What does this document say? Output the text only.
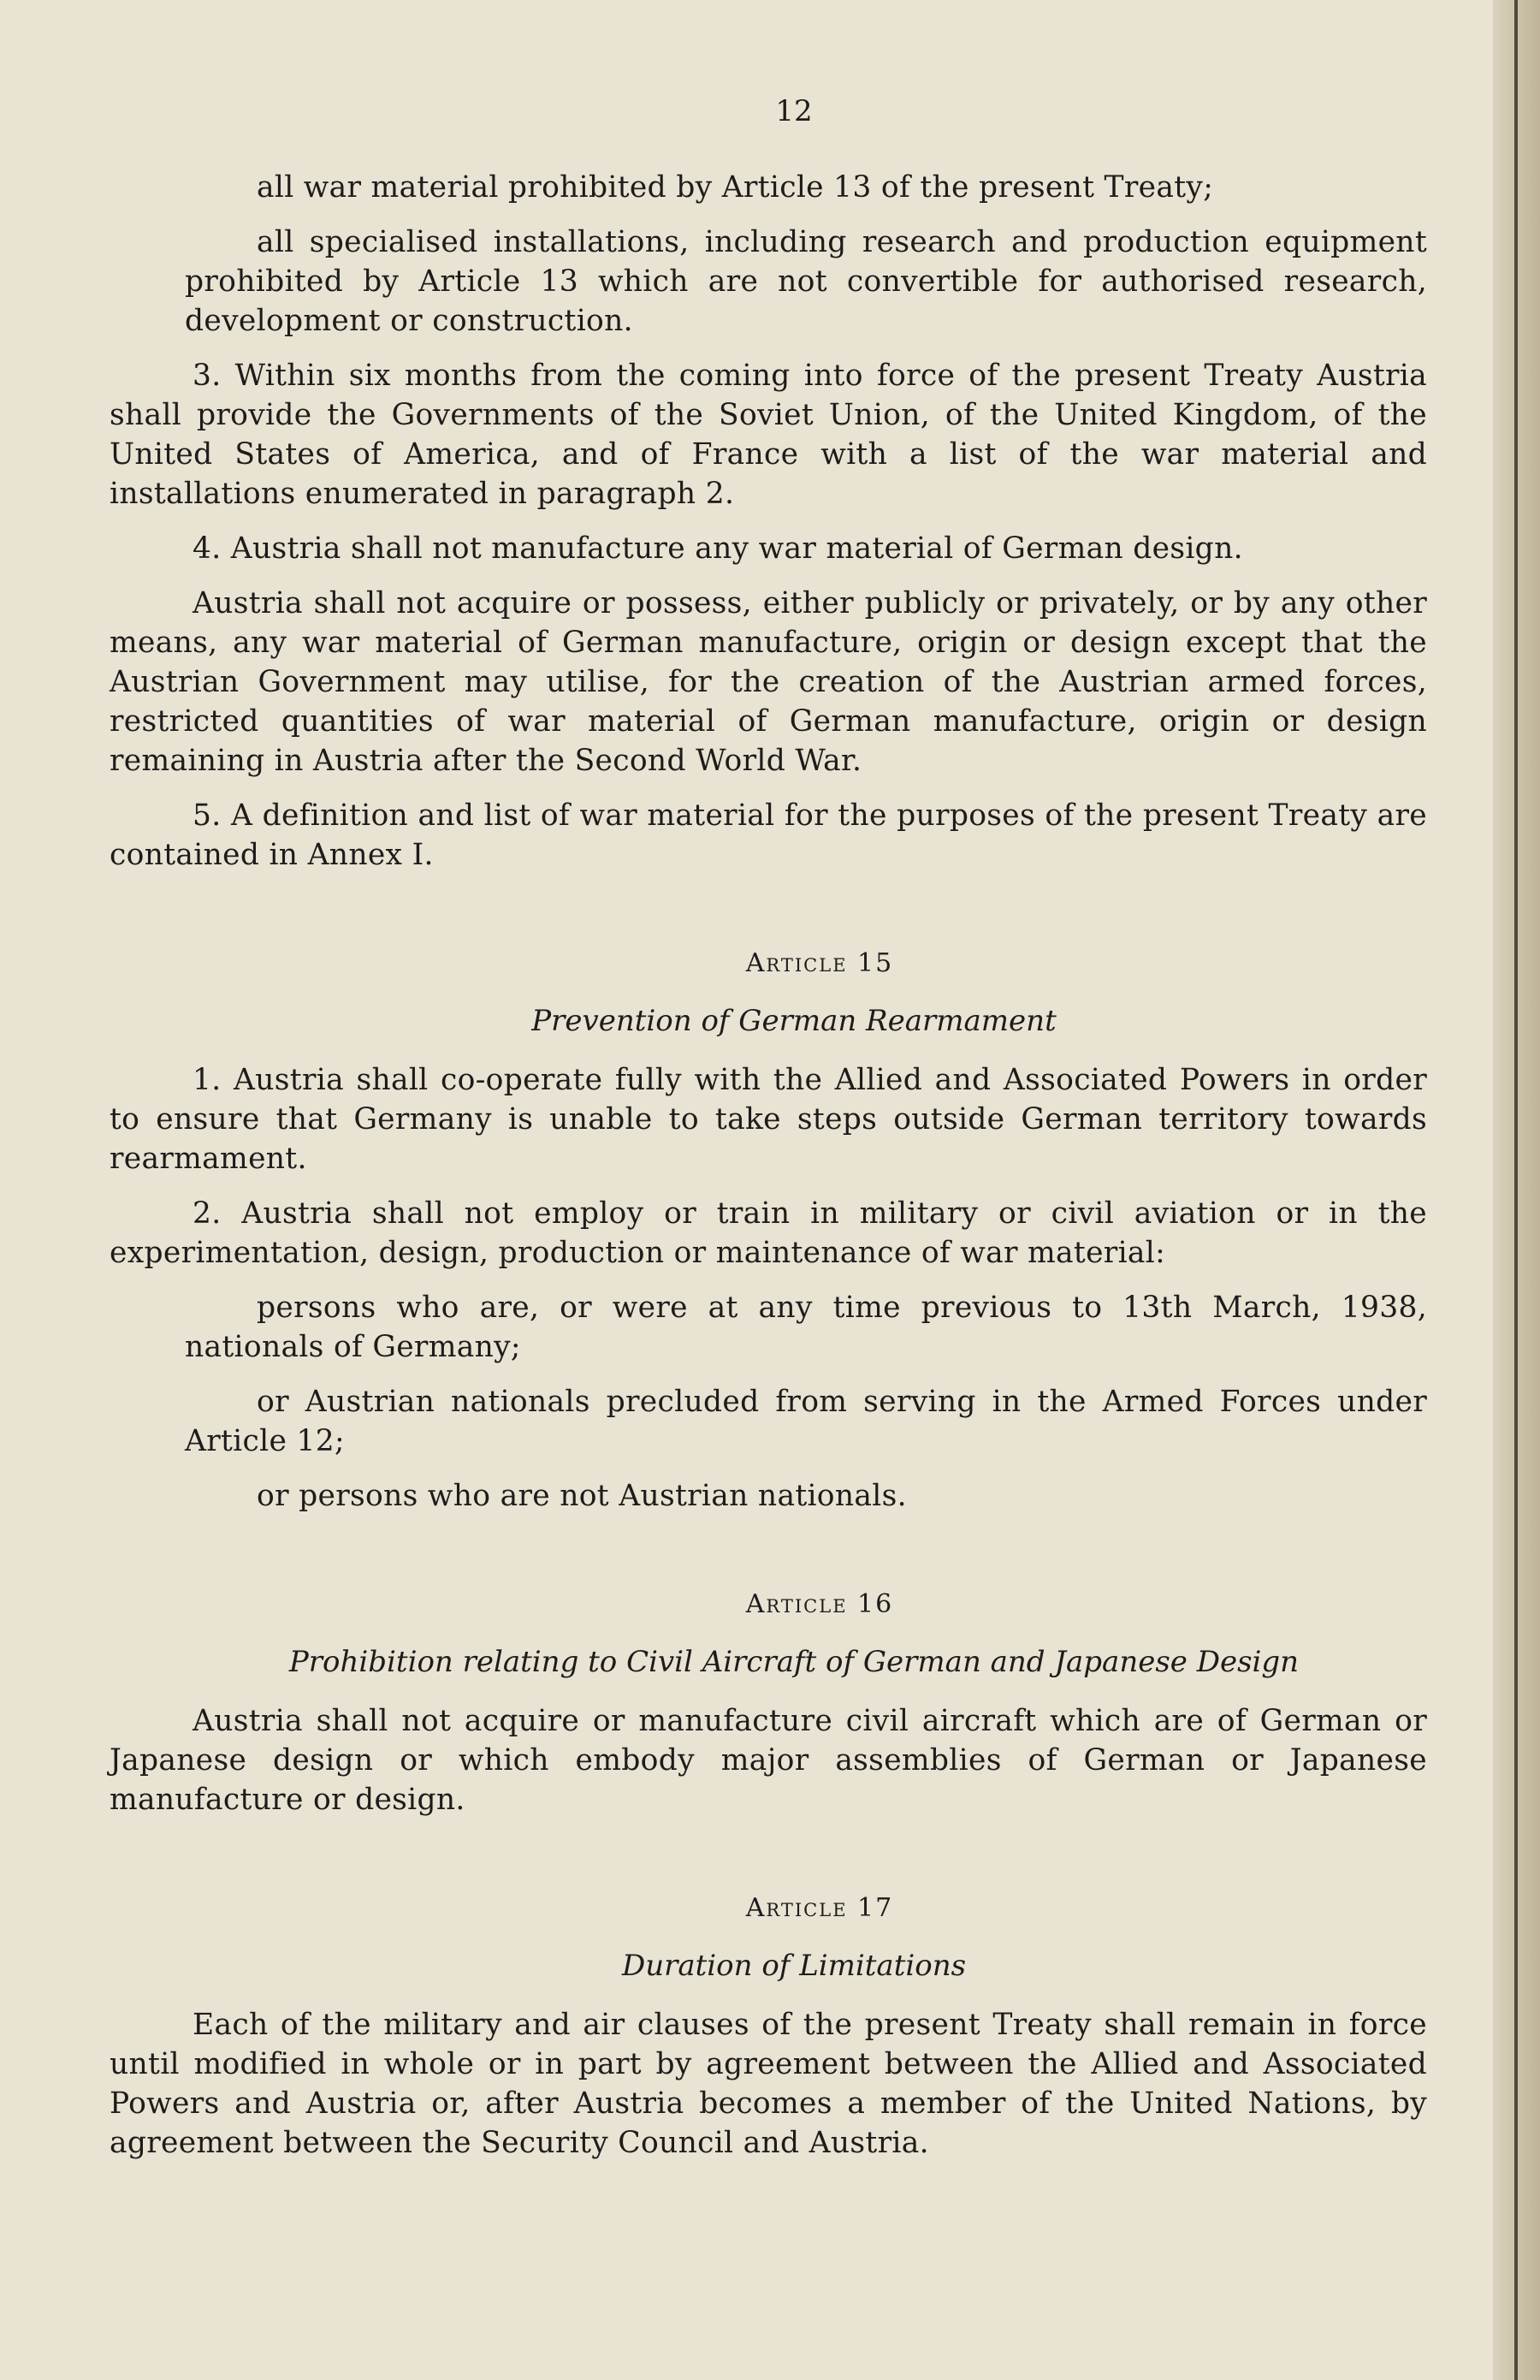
12

all war material prohibited by Article 13 of the present Treaty;

all specialised installations, including research and production equipment prohibited by Article 13 which are not convertible for authorised research, development or construction.

3. Within six months from the coming into force of the present Treaty Austria shall provide the Governments of the Soviet Union, of the United Kingdom, of the United States of America, and of France with a list of the war material and installations enumerated in paragraph 2.

4. Austria shall not manufacture any war material of German design.

Austria shall not acquire or possess, either publicly or privately, or by any other means, any war material of German manufacture, origin or design except that the Austrian Government may utilise, for the creation of the Austrian armed forces, restricted quantities of war material of German manufacture, origin or design remaining in Austria after the Second World War.

5. A definition and list of war material for the purposes of the present Treaty are contained in Annex I.

Article 15
Prevention of German Rearmament

1. Austria shall co-operate fully with the Allied and Associated Powers in order to ensure that Germany is unable to take steps outside German territory towards rearmament.

2. Austria shall not employ or train in military or civil aviation or in the experimentation, design, production or maintenance of war material:

persons who are, or were at any time previous to 13th March, 1938, nationals of Germany;

or Austrian nationals precluded from serving in the Armed Forces under Article 12;

or persons who are not Austrian nationals.

Article 16
Prohibition relating to Civil Aircraft of German and Japanese Design

Austria shall not acquire or manufacture civil aircraft which are of German or Japanese design or which embody major assemblies of German or Japanese manufacture or design.

Article 17
Duration of Limitations

Each of the military and air clauses of the present Treaty shall remain in force until modified in whole or in part by agreement between the Allied and Associated Powers and Austria or, after Austria becomes a member of the United Nations, by agreement between the Security Council and Austria.
